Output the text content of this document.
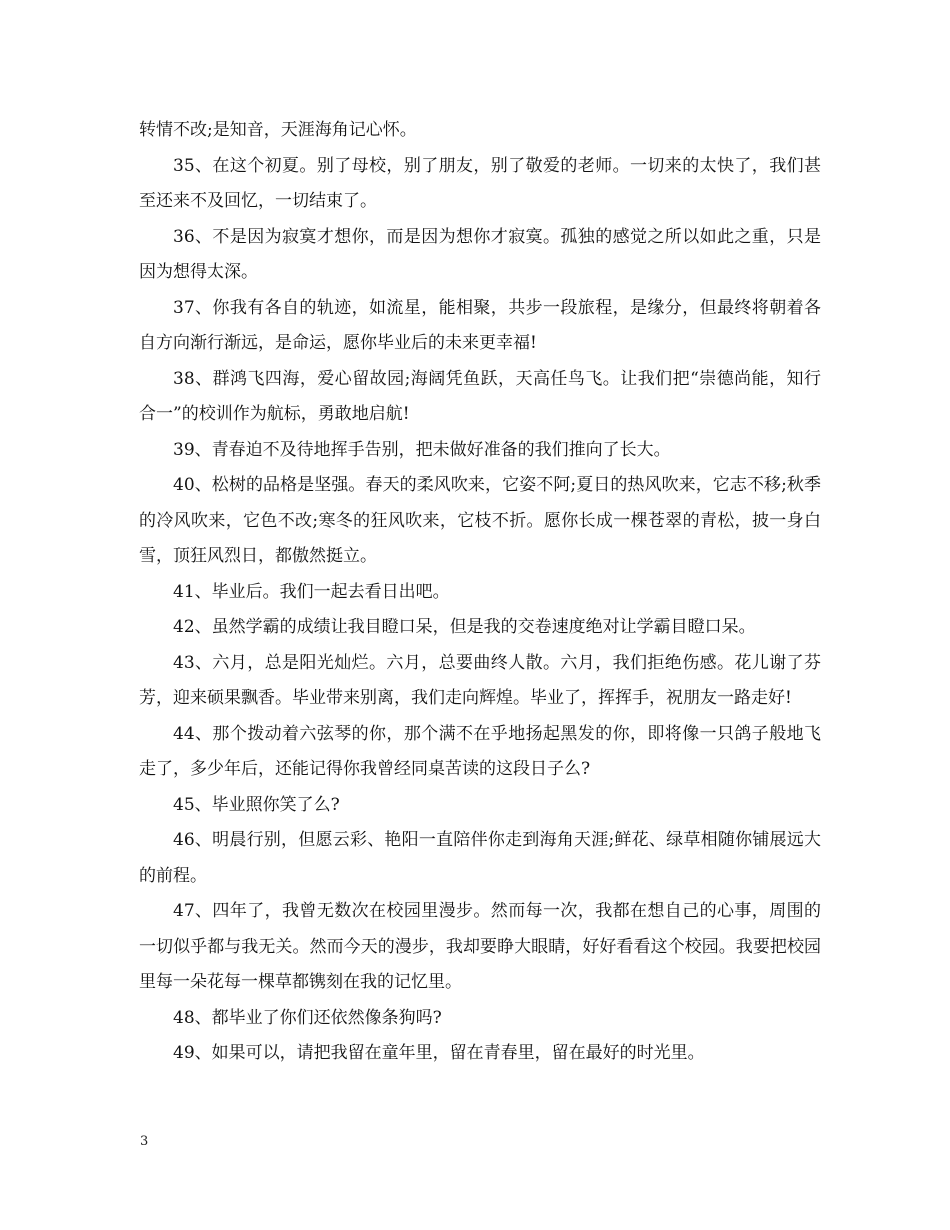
转情不改;是知音，天涯海角记心怀。

35、在这个初夏。别了母校，别了朋友，别了敬爱的老师。一切来的太快了，我们甚至还来不及回忆，一切结束了。

36、不是因为寂寞才想你，而是因为想你才寂寞。孤独的感觉之所以如此之重，只是因为想得太深。

37、你我有各自的轨迹，如流星，能相聚，共步一段旅程，是缘分，但最终将朝着各自方向渐行渐远，是命运，愿你毕业后的未来更幸福!

38、群鸿飞四海，爱心留故园;海阔凭鱼跃，天高任鸟飞。让我们把“崇德尚能，知行合一”的校训作为航标，勇敢地启航!

39、青春迫不及待地挥手告别，把未做好准备的我们推向了长大。

40、松树的品格是坚强。春天的柔风吹来，它姿不阿;夏日的热风吹来，它志不移;秋季的冷风吹来，它色不改;寒冬的狂风吹来，它枝不折。愿你长成一棵苍翠的青松，披一身白雪，顶狂风烈日，都傲然挺立。

41、毕业后。我们一起去看日出吧。

42、虽然学霸的成绩让我目瞪口呆，但是我的交卷速度绝对让学霸目瞪口呆。

43、六月，总是阳光灿烂。六月，总要曲终人散。六月，我们拒绝伤感。花儿谢了芬芳，迎来硕果飘香。毕业带来别离，我们走向辉煌。毕业了，挥挥手，祝朋友一路走好!

44、那个拨动着六弦琴的你，那个满不在乎地扬起黑发的你，即将像一只鸽子般地飞走了，多少年后，还能记得你我曾经同桌苦读的这段日子么?

45、毕业照你笑了么?

46、明晨行别，但愿云彩、艳阳一直陪伴你走到海角天涯;鲜花、绿草相随你铺展远大的前程。

47、四年了，我曾无数次在校园里漫步。然而每一次，我都在想自己的心事，周围的一切似乎都与我无关。然而今天的漫步，我却要睁大眼睛，好好看看这个校园。我要把校园里每一朵花每一棵草都镌刻在我的记忆里。

48、都毕业了你们还依然像条狗吗?

49、如果可以，请把我留在童年里，留在青春里，留在最好的时光里。

3
